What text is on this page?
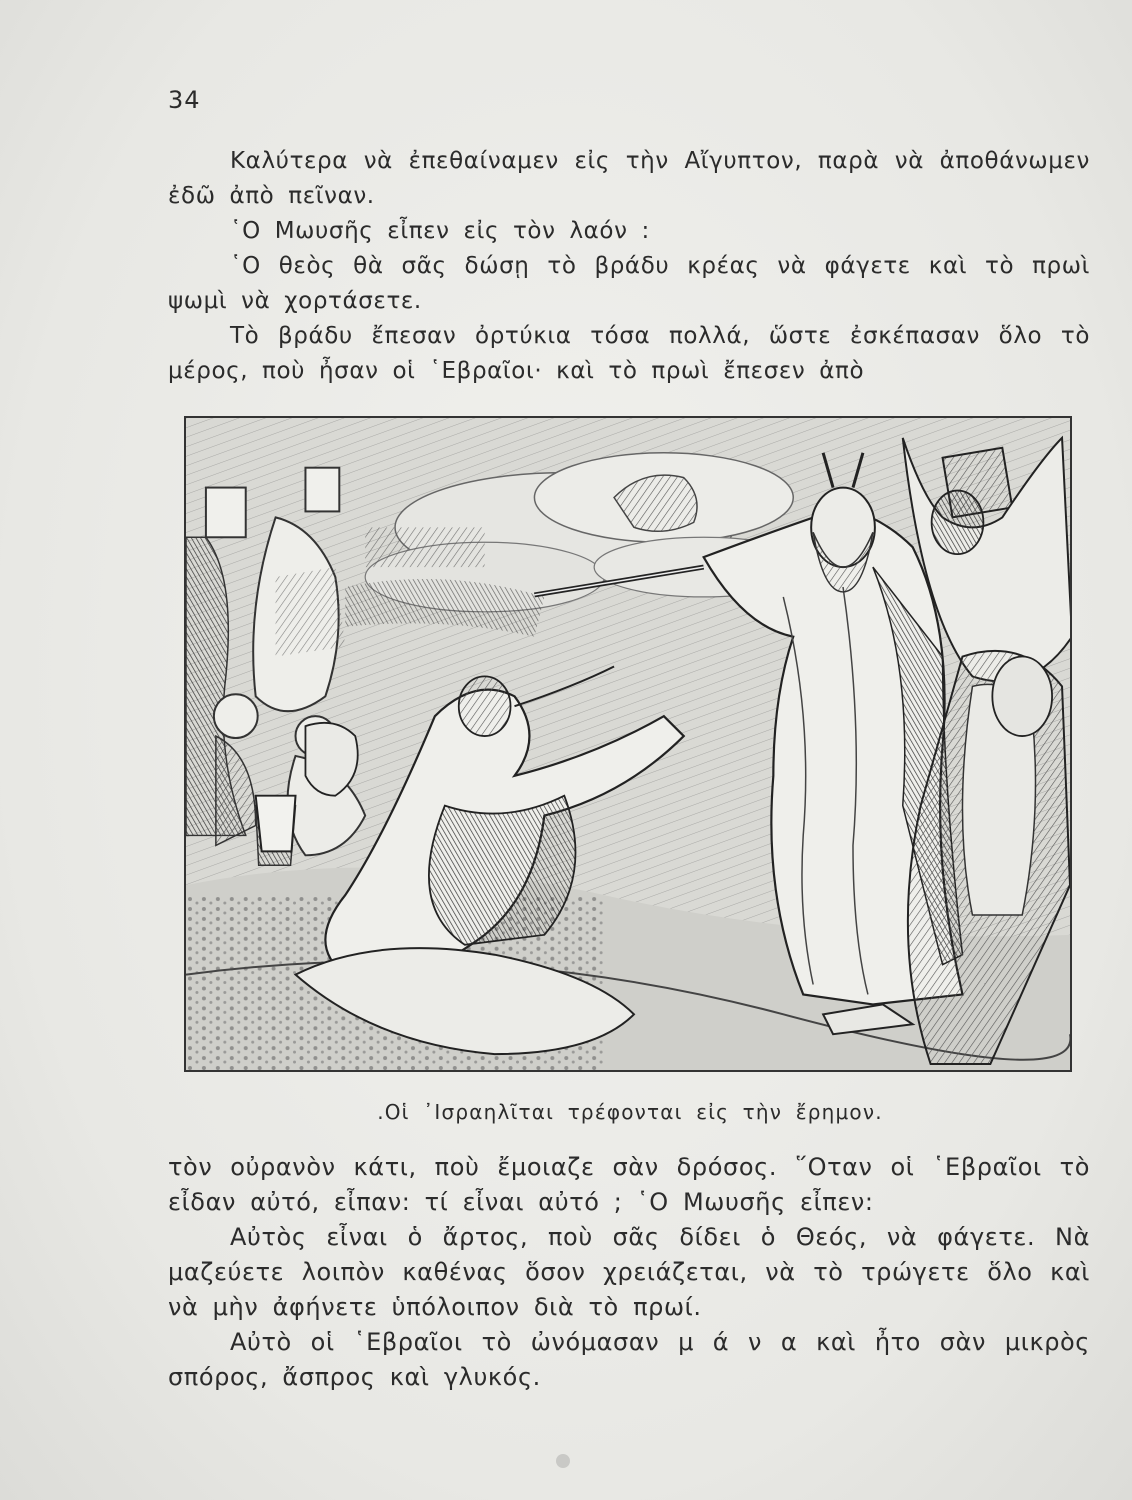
34

Καλύτερα νὰ ἐπεθαίναμεν εἰς τὴν Αἴγυπτον, παρὰ νὰ ἀποθάνωμεν ἐδῶ ἀπὸ πεῖναν.

῾Ο Μωυσῆς εἶπεν εἰς τὸν λαόν :

῾Ο θεὸς θὰ σᾶς δώσῃ τὸ βράδυ κρέας νὰ φάγετε καὶ τὸ πρωὶ ψωμὶ νὰ χορτάσετε.

Τὸ βράδυ ἔπεσαν ὀρτύκια τόσα πολλά, ὥστε ἐσκέπασαν ὅλο τὸ μέρος, ποὺ ἦσαν οἱ ῾Εβραῖοι· καὶ τὸ πρωὶ ἔπεσεν ἀπὸ

.Οἱ ᾽Ισραηλῖται τρέφονται εἰς τὴν ἔρημον.

τὸν οὐρανὸν κάτι, ποὺ ἔμοιαζε σὰν δρόσος. ῞Οταν οἱ ῾Εβραῖοι τὸ εἶδαν αὐτό, εἶπαν: τί εἶναι αὐτό ; ῾Ο Μωυσῆς εἶπεν:

Αὐτὸς εἶναι ὁ ἄρτος, ποὺ σᾶς δίδει ὁ Θεός, νὰ φάγετε. Νὰ μαζεύετε λοιπὸν καθένας ὅσον χρειάζεται, νὰ τὸ τρώγετε ὅλο καὶ νὰ μὴν ἀφήνετε ὑπόλοιπον διὰ τὸ πρωί.

Αὐτὸ οἱ ῾Εβραῖοι τὸ ὠνόμασαν μ ά ν α καὶ ἦτο σὰν μικρὸς σπόρος, ἄσπρος καὶ γλυκός.
